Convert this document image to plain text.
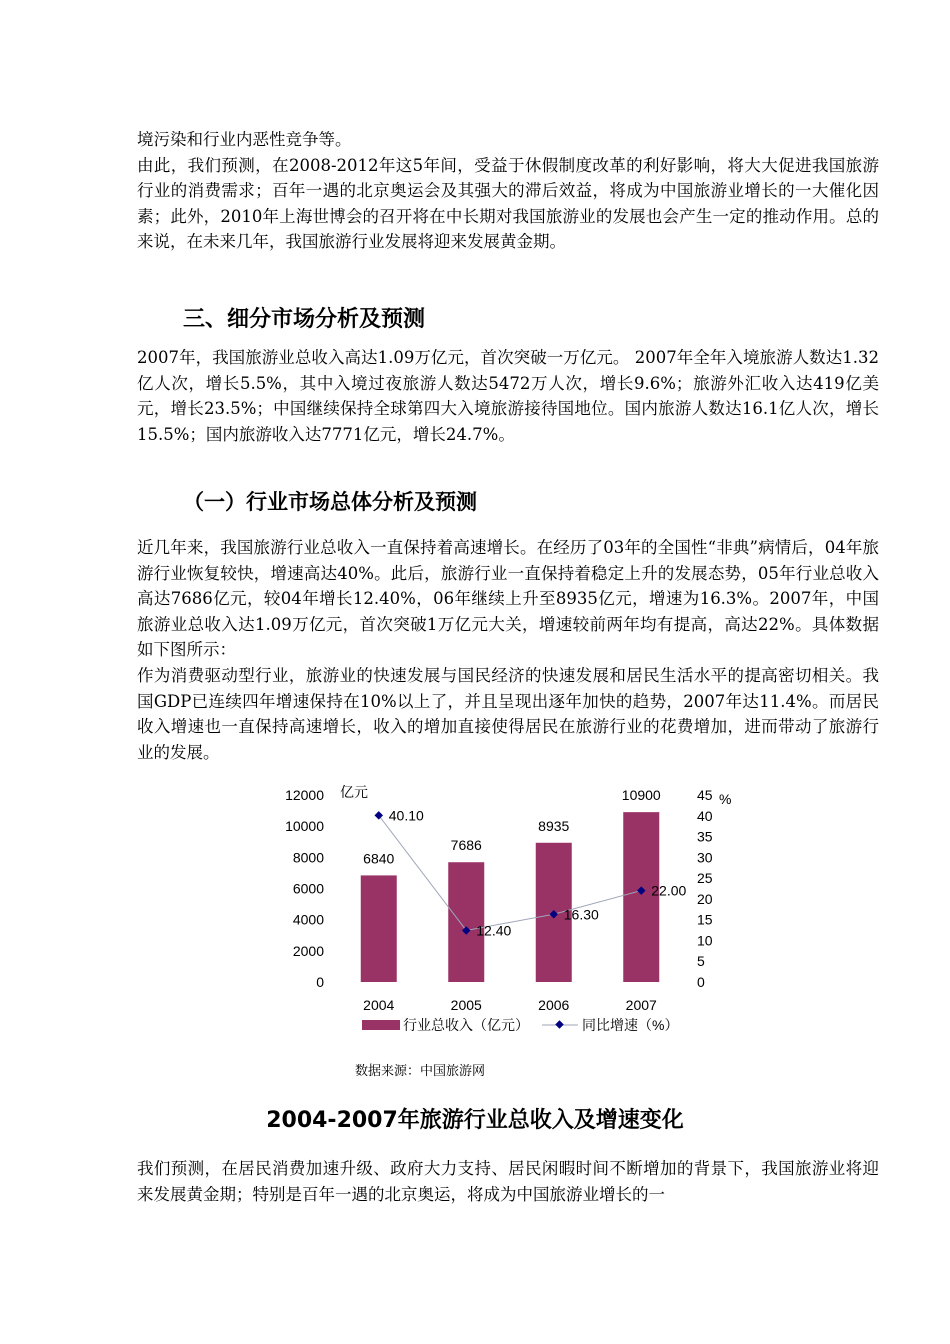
境污染和行业内恶性竞争等。

由此，我们预测，在2008-2012年这5年间，受益于休假制度改革的利好影响，将大大促进我国旅游行业的消费需求；百年一遇的北京奥运会及其强大的滞后效益，将成为中国旅游业增长的一大催化因素；此外，2010年上海世博会的召开将在中长期对我国旅游业的发展也会产生一定的推动作用。总的来说，在未来几年，我国旅游行业发展将迎来发展黄金期。

三、细分市场分析及预测

2007年，我国旅游业总收入高达1.09万亿元，首次突破一万亿元。 2007年全年入境旅游人数达1.32亿人次，增长5.5%，其中入境过夜旅游人数达5472万人次，增长9.6%；旅游外汇收入达419亿美元，增长23.5%；中国继续保持全球第四大入境旅游接待国地位。国内旅游人数达16.1亿人次，增长15.5%；国内旅游收入达7771亿元，增长24.7%。

（一）行业市场总体分析及预测

近几年来，我国旅游行业总收入一直保持着高速增长。在经历了03年的全国性“非典”病情后，04年旅游行业恢复较快，增速高达40%。此后，旅游行业一直保持着稳定上升的发展态势，05年行业总收入高达7686亿元，较04年增长12.40%，06年继续上升至8935亿元，增速为16.3%。2007年，中国旅游业总收入达1.09万亿元，首次突破1万亿元大关，增速较前两年均有提高，高达22%。具体数据如下图所示：

作为消费驱动型行业，旅游业的快速发展与国民经济的快速发展和居民生活水平的提高密切相关。我国GDP已连续四年增速保持在10%以上了，并且呈现出逐年加快的趋势，2007年达11.4%。而居民收入增速也一直保持高速增长，收入的增加直接使得居民在旅游行业的花费增加，进而带动了旅游行业的发展。

0
2000
4000
6000
8000
10000
12000
0
5
10
15
20
25
30
35
40
45
亿元	%
6840
7686
8935
10900
40.10
12.40
16.30
22.00
2004	2005	2006	2007
行业总收入（亿元）	同比增速（%）

数据来源：中国旅游网

2004-2007年旅游行业总收入及增速变化

我们预测，在居民消费加速升级、政府大力支持、居民闲暇时间不断增加的背景下，我国旅游业将迎来发展黄金期；特别是百年一遇的北京奥运，将成为中国旅游业增长的一
